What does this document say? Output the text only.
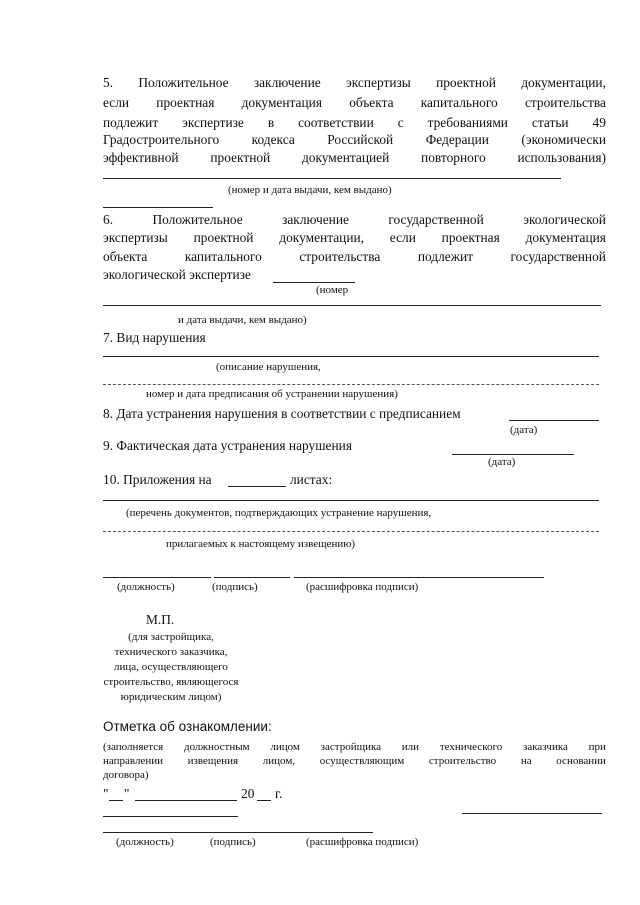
5. Положительное заключение экспертизы проектной документации,
если проектная документация объекта капитального строительства
подлежит экспертизе в соответствии с требованиями статьи 49
Градостроительного кодекса Российской Федерации (экономически
эффективной проектной документацией повторного использования)
(номер и дата выдачи, кем выдано)
6.	Положительное	заключение	государственной	экологической
экспертизы проектной документации, если проектная документация
объекта	капитального	строительства	подлежит	государственной
экологической экспертизе
(номер
и дата выдачи, кем выдано)
7. Вид нарушения
(описание нарушения,
номер и дата предписания об устранении нарушения)
8. Дата устранения нарушения в соответствии с предписанием
(дата)
9. Фактическая дата устранения нарушения
(дата)
10. Приложения на	листах:
(перечень документов, подтверждающих устранение нарушения,
прилагаемых к настоящему извещению)
(должность)	(подпись)	(расшифровка подписи)
М.П.
(для застройщика,
технического заказчика,
лица, осуществляющего
строительство, являющегося
юридическим лицом)
Отметка об ознакомлении:
(заполняется должностным лицом застройщика или технического заказчика при
направлении извещения лицом, осуществляющим строительство на основании
договора)
" "	20 г.
(должность)	(подпись)	(расшифровка подписи)
